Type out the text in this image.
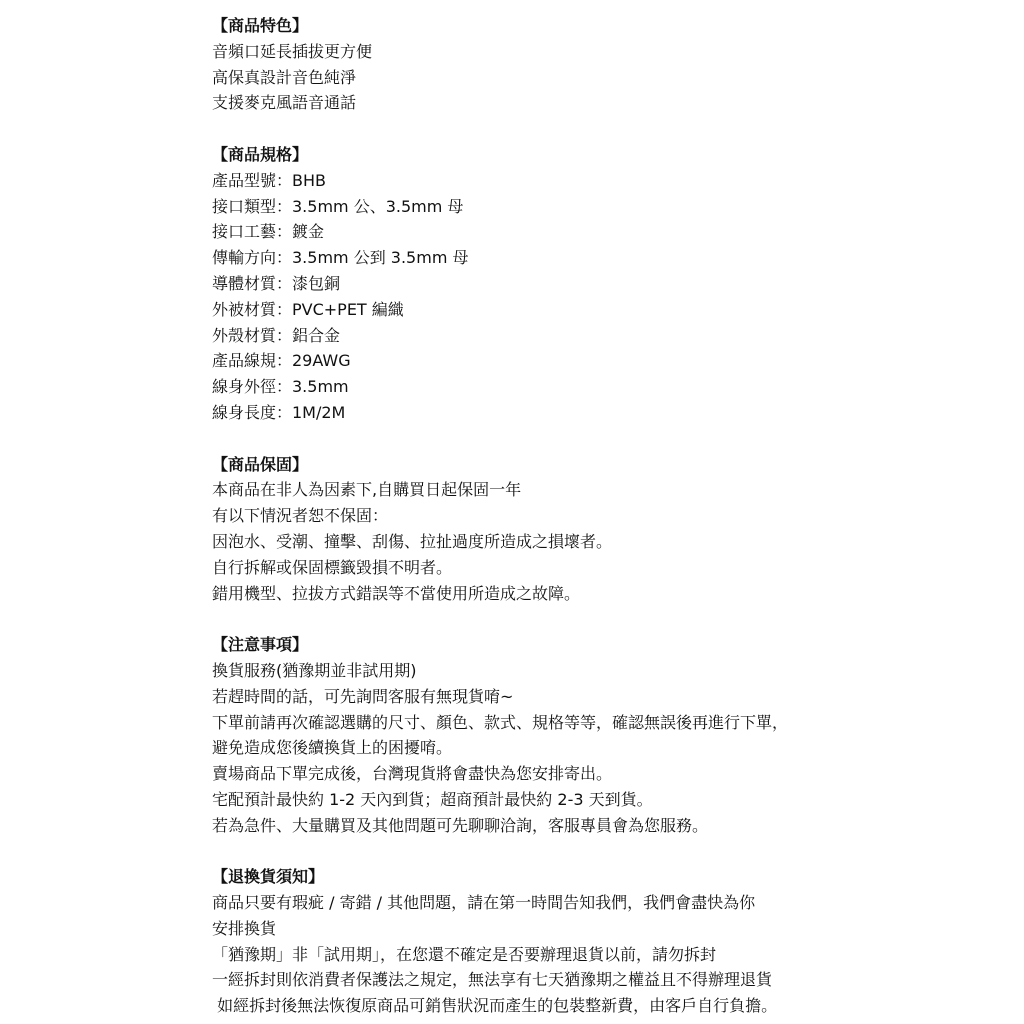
【商品特色】
音頻口延長插拔更方便
高保真設計音色純淨
支援麥克風語音通話
【商品規格】
產品型號：BHB
接口類型：3.5mm 公、3.5mm 母
接口工藝：鍍金
傳輸方向：3.5mm 公到 3.5mm 母
導體材質：漆包銅
外被材質：PVC+PET 編織
外殼材質：鋁合金
產品線規：29AWG
線身外徑：3.5mm
線身長度：1M/2M
【商品保固】
本商品在非人為因素下,自購買日起保固一年
有以下情況者恕不保固：
因泡水、受潮、撞擊、刮傷、拉扯過度所造成之損壞者。
自行拆解或保固標籤毀損不明者。
錯用機型、拉拔方式錯誤等不當使用所造成之故障。
【注意事項】
換貨服務(猶豫期並非試用期)
若趕時間的話，可先詢問客服有無現貨唷~
下單前請再次確認選購的尺寸、顏色、款式、規格等等，確認無誤後再進行下單，
避免造成您後續換貨上的困擾唷。
賣場商品下單完成後，台灣現貨將會盡快為您安排寄出。
宅配預計最快約 1-2 天內到貨；超商預計最快約 2-3 天到貨。
若為急件、大量購買及其他問題可先聊聊洽詢，客服專員會為您服務。
【退換貨須知】
商品只要有瑕疵 / 寄錯 / 其他問題，請在第一時間告知我們，我們會盡快為你
安排換貨
「猶豫期」非「試用期」，在您還不確定是否要辦理退貨以前，請勿拆封
一經拆封則依消費者保護法之規定，無法享有七天猶豫期之權益且不得辦理退貨
如經拆封後無法恢復原商品可銷售狀況而產生的包裝整新費，由客戶自行負擔。
